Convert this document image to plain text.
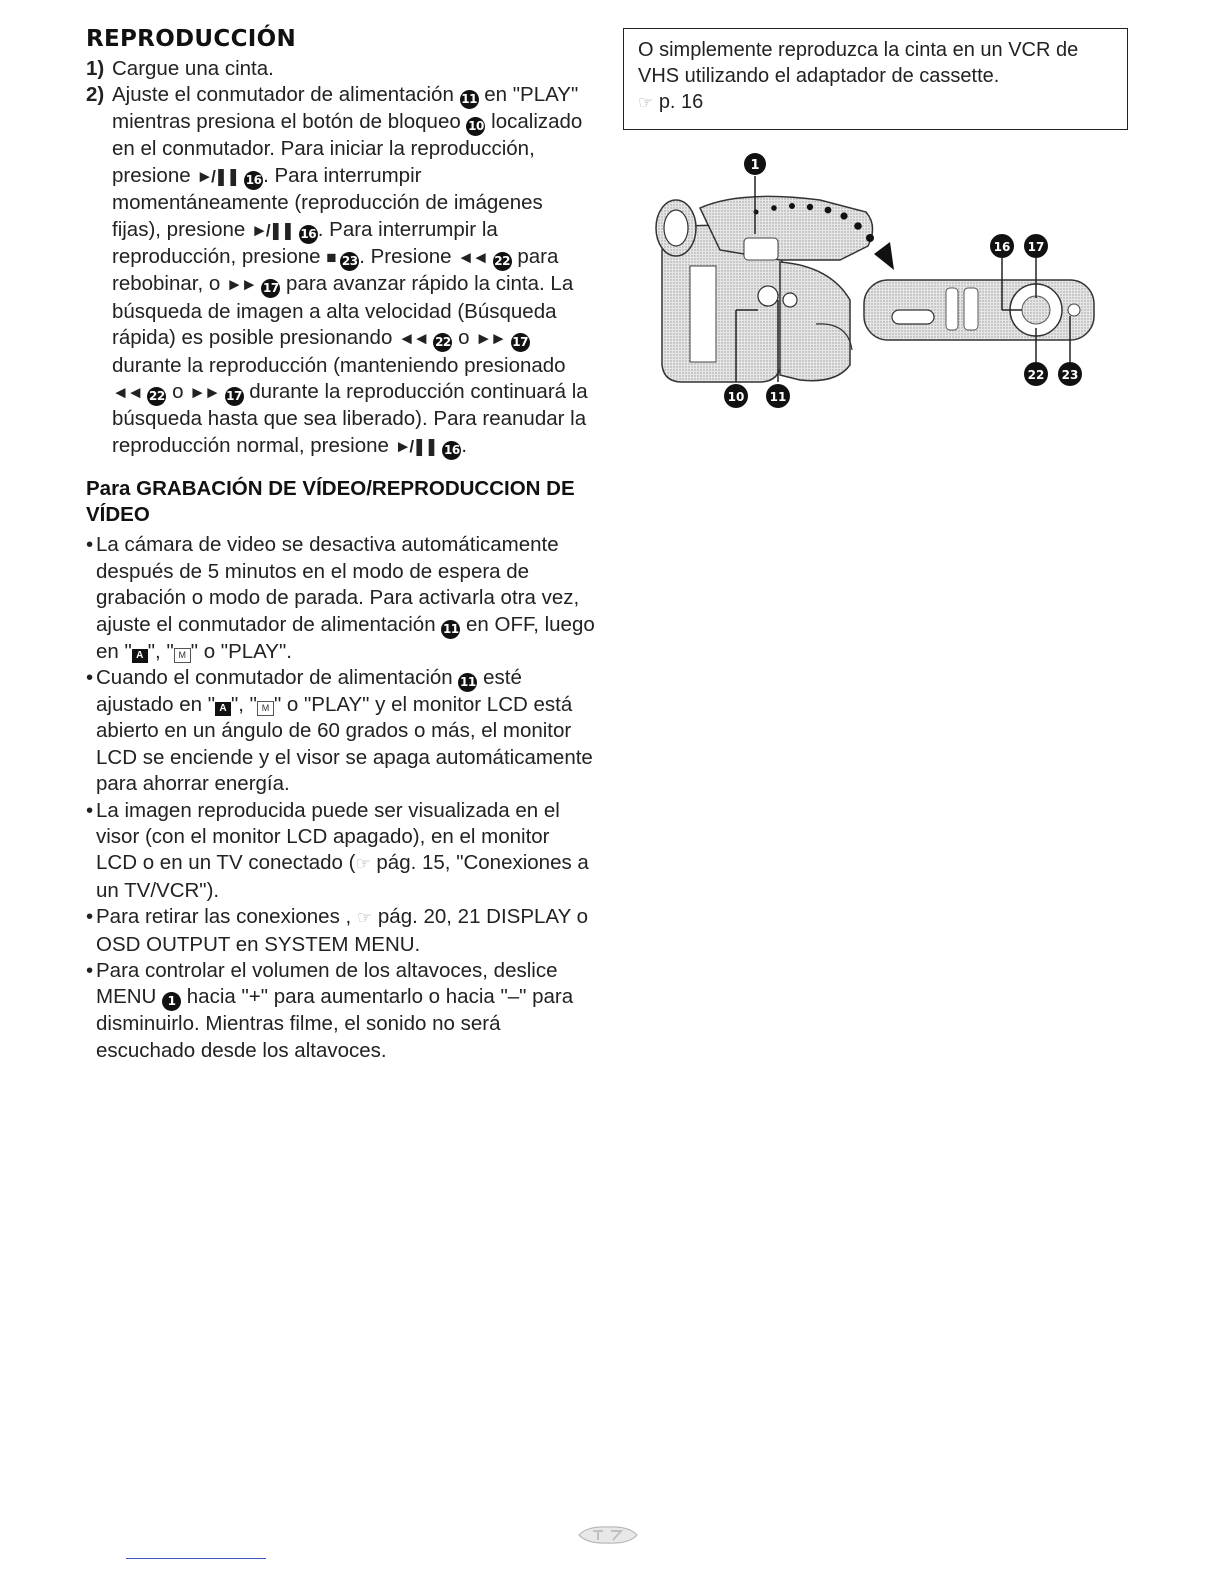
REPRODUCCIÓN
1) Cargue una cinta.
2) Ajuste el conmutador de alimentación 11 en "PLAY" mientras presiona el botón de bloqueo 10 localizado en el conmutador. Para iniciar la reproducción, presione ►/❚❚ 16. Para interrumpir momentáneamente (reproducción de imágenes fijas), presione ►/❚❚ 16. Para interrumpir la reproducción, presione ■ 23. Presione ◄◄ 22 para rebobinar, o ►► 17 para avanzar rápido la cinta. La búsqueda de imagen a alta velocidad (Búsqueda rápida) es posible presionando ◄◄ 22 o ►► 17 durante la reproducción (manteniendo presionado ◄◄ 22 o ►► 17 durante la reproducción continuará la búsqueda hasta que sea liberado). Para reanudar la reproducción normal, presione ►/❚❚ 16.
Para GRABACIÓN DE VÍDEO/REPRODUCCION DE VÍDEO
• La cámara de video se desactiva automáticamente después de 5 minutos en el modo de espera de grabación o modo de parada. Para activarla otra vez, ajuste el conmutador de alimentación 11 en OFF, luego en " A ", " M " o "PLAY".
• Cuando el conmutador de alimentación 11 esté ajustado en " A ", " M " o "PLAY" y el monitor LCD está abierto en un ángulo de 60 grados o más, el monitor LCD se enciende y el visor se apaga automáticamente para ahorrar energía.
• La imagen reproducida puede ser visualizada en el visor (con el monitor LCD apagado), en el monitor LCD o en un TV conectado (☞ pág. 15, "Conexiones a un TV/VCR").
• Para retirar las conexiones , ☞ pág. 20, 21 DISPLAY o OSD OUTPUT en SYSTEM MENU.
• Para controlar el volumen de los altavoces, deslice MENU 1 hacia "+" para aumentarlo o hacia "–" para disminuirlo. Mientras filme, el sonido no será escuchado desde los altavoces.
O simplemente reproduzca la cinta en un VCR de VHS utilizando el adaptador de cassette.
☞ p. 16
1
16 17
10 11
22 23
